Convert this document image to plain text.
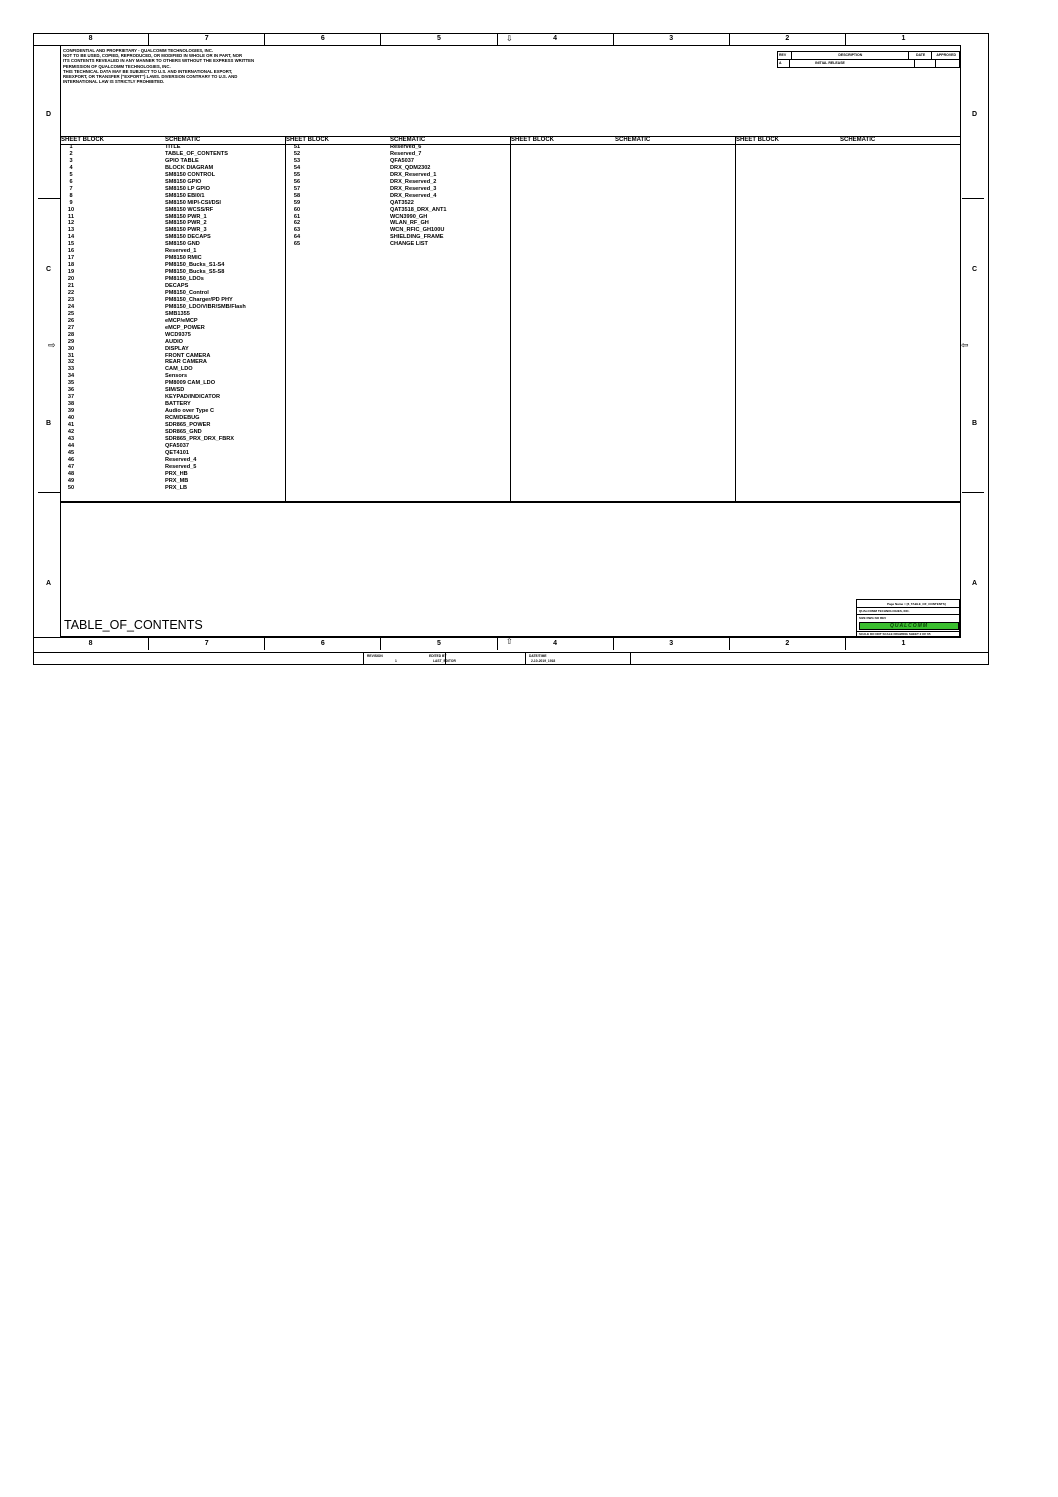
8	7	6	5	4	3	2	1
8	7	6	5	4	3	2	1
D
C
B
A
D
C
B
A
⇨	⇦
⇩
⇧
CONFIDENTIAL AND PROPRIETARY - QUALCOMM TECHNOLOGIES, INC.
NOT TO BE USED, COPIED, REPRODUCED, OR MODIFIED IN WHOLE OR IN PART, NOR
ITS CONTENTS REVEALED IN ANY MANNER TO OTHERS WITHOUT THE EXPRESS WRITTEN
PERMISSION OF QUALCOMM TECHNOLOGIES, INC.
THIS TECHNICAL DATA MAY BE SUBJECT TO U.S. AND INTERNATIONAL EXPORT,
REEXPORT, OR TRANSFER ("EXPORT") LAWS. DIVERSION CONTRARY TO U.S. AND
INTERNATIONAL LAW IS STRICTLY PROHIBITED.
REV	DESCRIPTION	DATE	APPROVED
A	INITIAL RELEASE
SHEET BLOCK	SCHEMATIC	SHEET BLOCK	SCHEMATIC	SHEET BLOCK	SCHEMATIC	SHEET BLOCK	SCHEMATIC
1	TITLE
2	TABLE_OF_CONTENTS
3	GPIO TABLE
4	BLOCK DIAGRAM
5	SM8150 CONTROL
6	SM8150 GPIO
7	SM8150 LP GPIO
8	SM8150 EBI0/1
9	SM8150 MIPI-CSI/DSI
10	SM8150 WCSS/RF
11	SM8150 PWR_1
12	SM8150 PWR_2
13	SM8150 PWR_3
14	SM8150 DECAPS
15	SM8150 GND
16	Reserved_1
17	PM8150 RMIC
18	PM8150_Bucks_S1-S4
19	PM8150_Bucks_S5-S8
20	PM8150_LDOs
21	DECAPS
22	PM8150_Control
23	PM8150_Charger/PD PHY
24	PM8150_LDO/VIBR/SMB/Flash
25	SMB1355
26	eMCP/eMCP
27	eMCP_POWER
28	WCD9375
29	AUDIO
30	DISPLAY
31	FRONT CAMERA
32	REAR CAMERA
33	CAM_LDO
34	Sensors
35	PM8009 CAM_LDO
36	SIM/SD
37	KEYPAD/INDICATOR
38	BATTERY
39	Audio over Type C
40	RCM/DEBUG
41	SDR865_POWER
42	SDR865_GND
43	SDR865_PRX_DRX_FBRX
44	QFA5037
45	QET4101
46	Reserved_4
47	Reserved_5
48	PRX_HB
49	PRX_MB
50	PRX_LB
51	Reserved_6
52	Reserved_7
53	QFA5037
54	DRX_QDM2302
55	DRX_Reserved_1
56	DRX_Reserved_2
57	DRX_Reserved_3
58	DRX_Reserved_4
59	QAT3522
60	QAT3518_DRX_ANT1
61	WCN3990_GH
62	WLAN_RF_GH
63	WCN_RFIC_GH100U
64	SHIELDING_FRAME
65	CHANGE LIST
TABLE_OF_CONTENTS
Page Name = [6_TABLE_OF_CONTENTS]
QUALCOMM TECHNOLOGIES, INC.
SIZE DWG NO REV
QUALCOMM
SCALE DO NOT SCALE DRAWING SHEET 2 OF 65
REVISION	EDITED BY	DATE/TIME
1	LAST_EDITOR	2-10-2019_1918
